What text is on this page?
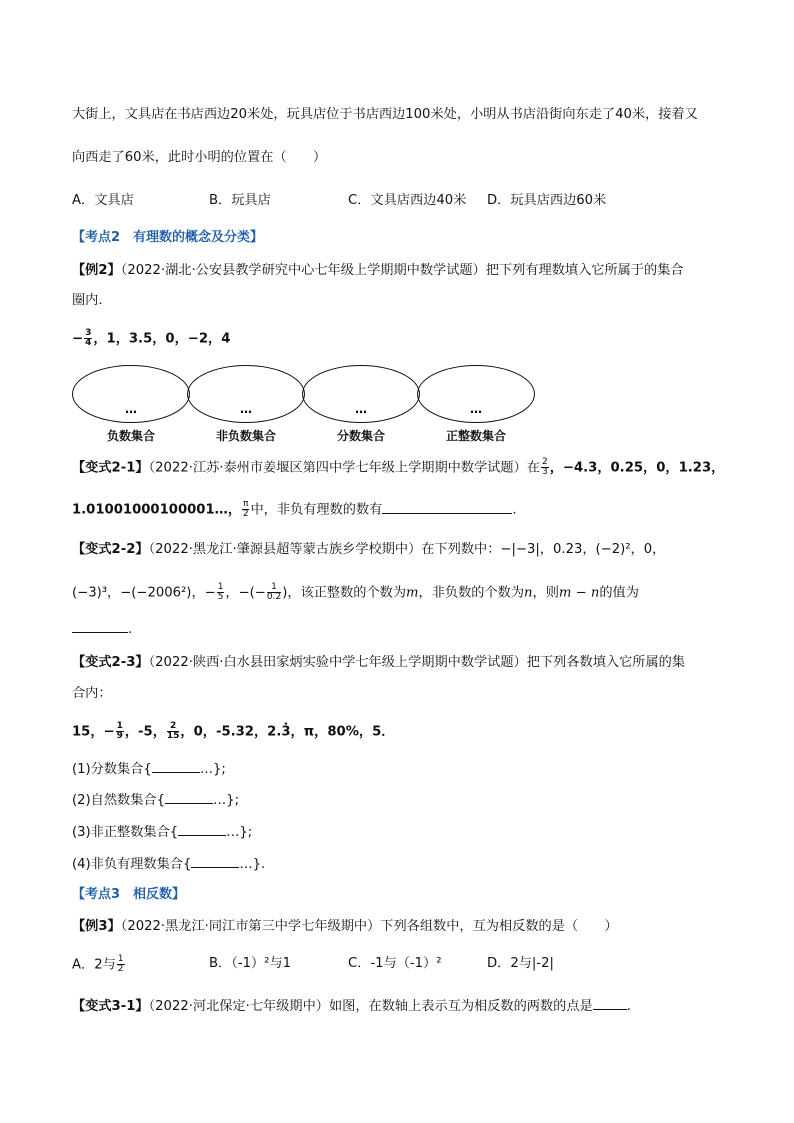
大街上，文具店在书店西边20米处，玩具店位于书店西边100米处，小明从书店沿街向东走了40米，接着又
向西走了60米，此时小明的位置在（　　）
A．文具店	B．玩具店	C．文具店西边40米 D．玩具店西边60米
【考点2　有理数的概念及分类】
【例2】（2022·湖北·公安县教学研究中心七年级上学期期中数学试题）把下列有理数填入它所属于的集合
圈内.
− $\frac{3}{4}$ ，1，3.5，0，−2，4
…	…	…	…
负数集合	非负数集合	分数集合	正整数集合
【变式2-1】（2022·江苏·泰州市姜堰区第四中学七年级上学期期中数学试题）在 $\frac{2}{3}$ ，−4.3，0.25，0，1.23，
1.01001000100001…， $\frac{\pi}{2}$ 中，非负有理数的数有	.
【变式2-2】（2022·黑龙江·肇源县超等蒙古族乡学校期中）在下列数中：−|−3|，0.23，(−2)²，0，
(−3)³，−(−2006²)，− $\frac{1}{5}$ ，−(− $\frac{1}{0.2}$ )，该正整数的个数为m，非负数的个数为n，则m − n的值为
.
【变式2-3】（2022·陕西·白水县田家炳实验中学七年级上学期期中数学试题）把下列各数填入它所属的集
合内：
15，− $\frac{1}{9}$ ，-5， $\frac{2}{15}$ ，0，-5.32，2.3̇，π，80%，5．
(1)分数集合{	…};
(2)自然数集合{	…};
(3)非正整数集合{	…};
(4)非负有理数集合{	…}.
【考点3　相反数】
【例3】（2022·黑龙江·同江市第三中学七年级期中）下列各组数中，互为相反数的是（　　）
A．2与 $\frac{1}{2}$	B．（-1）²与1	C．-1与（-1）²	D．2与|-2|
【变式3-1】（2022·河北保定·七年级期中）如图，在数轴上表示互为相反数的两数的点是	.
